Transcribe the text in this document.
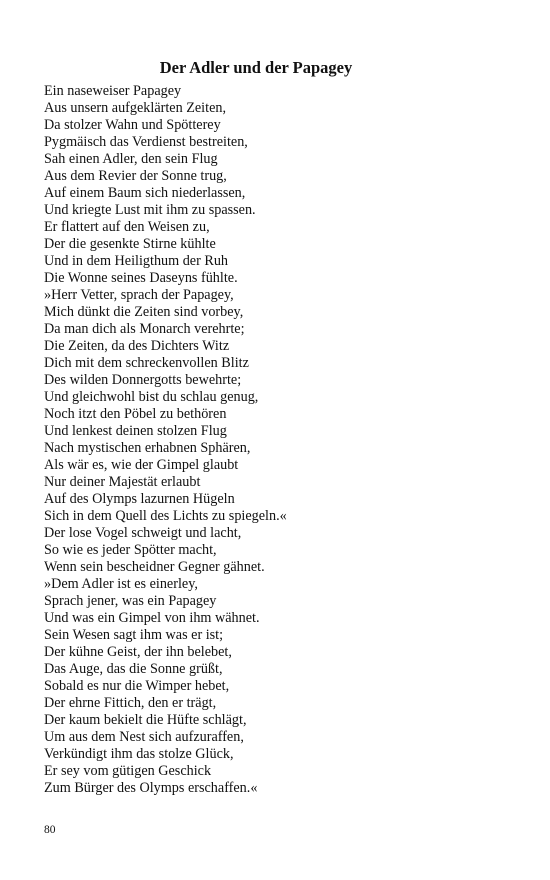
Der Adler und der Papagey
Ein naseweiser Papagey
Aus unsern aufgeklärten Zeiten,
Da stolzer Wahn und Spötterey
Pygmäisch das Verdienst bestreiten,
Sah einen Adler, den sein Flug
Aus dem Revier der Sonne trug,
Auf einem Baum sich niederlassen,
Und kriegte Lust mit ihm zu spassen.
Er flattert auf den Weisen zu,
Der die gesenkte Stirne kühlte
Und in dem Heiligthum der Ruh
Die Wonne seines Daseyns fühlte.
»Herr Vetter, sprach der Papagey,
Mich dünkt die Zeiten sind vorbey,
Da man dich als Monarch verehrte;
Die Zeiten, da des Dichters Witz
Dich mit dem schreckenvollen Blitz
Des wilden Donnergotts bewehrte;
Und gleichwohl bist du schlau genug,
Noch itzt den Pöbel zu bethören
Und lenkest deinen stolzen Flug
Nach mystischen erhabnen Sphären,
Als wär es, wie der Gimpel glaubt
Nur deiner Majestät erlaubt
Auf des Olymps lazurnen Hügeln
Sich in dem Quell des Lichts zu spiegeln.«
Der lose Vogel schweigt und lacht,
So wie es jeder Spötter macht,
Wenn sein bescheidner Gegner gähnet.
»Dem Adler ist es einerley,
Sprach jener, was ein Papagey
Und was ein Gimpel von ihm wähnet.
Sein Wesen sagt ihm was er ist;
Der kühne Geist, der ihn belebet,
Das Auge, das die Sonne grüßt,
Sobald es nur die Wimper hebet,
Der ehrne Fittich, den er trägt,
Der kaum bekielt die Hüfte schlägt,
Um aus dem Nest sich aufzuraffen,
Verkündigt ihm das stolze Glück,
Er sey vom gütigen Geschick
Zum Bürger des Olymps erschaffen.«

80
